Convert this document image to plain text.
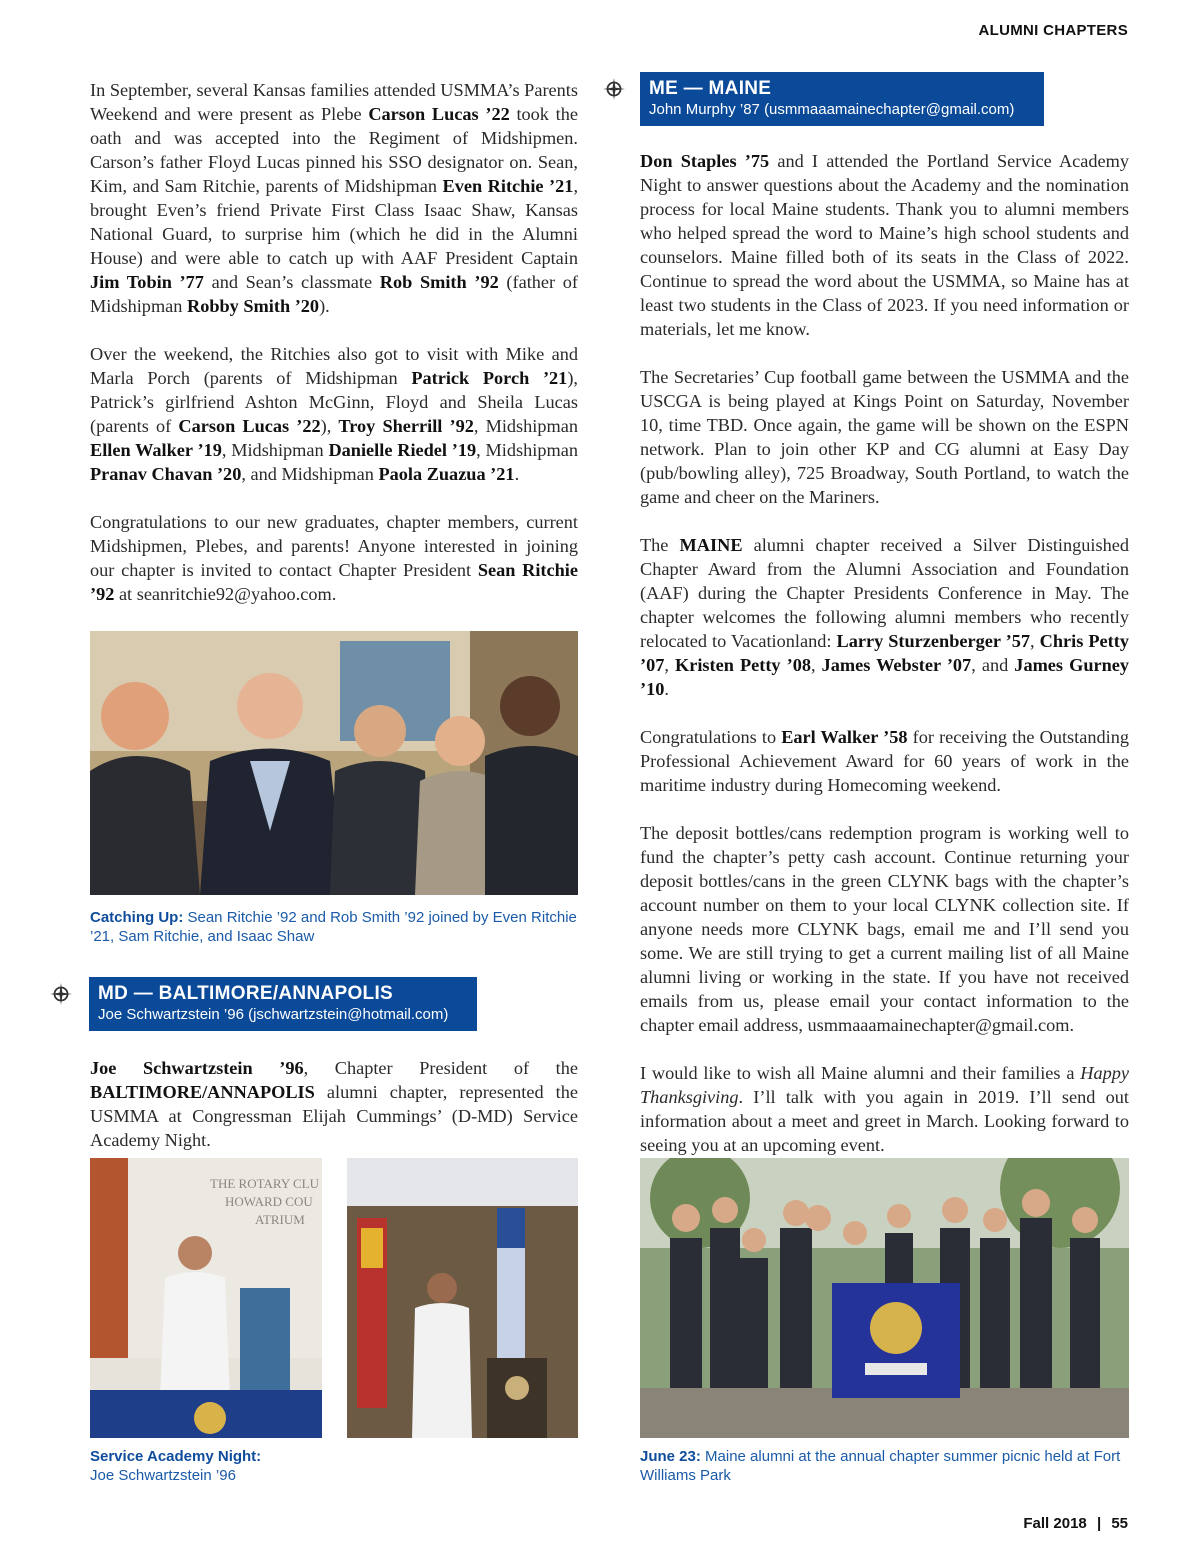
ALUMNI CHAPTERS

In September, several Kansas families attended USMMA’s Parents Weekend and were present as Plebe Carson Lucas ’22 took the oath and was accepted into the Regiment of Midshipmen. Carson’s father Floyd Lucas pinned his SSO designator on. Sean, Kim, and Sam Ritchie, parents of Midshipman Even Ritchie ’21, brought Even’s friend Private First Class Isaac Shaw, Kansas National Guard, to surprise him (which he did in the Alumni House) and were able to catch up with AAF President Captain Jim Tobin ’77 and Sean’s classmate Rob Smith ’92 (father of Midshipman Robby Smith ’20).

Over the weekend, the Ritchies also got to visit with Mike and Marla Porch (parents of Midshipman Patrick Porch ’21), Patrick’s girlfriend Ashton McGinn, Floyd and Sheila Lucas (parents of Carson Lucas ’22), Troy Sherrill ’92, Midshipman Ellen Walker ’19, Midshipman Danielle Riedel ’19, Midshipman Pranav Chavan ’20, and Midshipman Paola Zuazua ’21.

Congratulations to our new graduates, chapter members, current Midshipmen, Plebes, and parents! Anyone interested in joining our chapter is invited to contact Chapter President Sean Ritchie ’92 at seanritchie92@yahoo.com.

Catching Up: Sean Ritchie ’92 and Rob Smith ’92 joined by Even Ritchie ’21, Sam Ritchie, and Isaac Shaw
MD — BALTIMORE/ANNAPOLIS
Joe Schwartzstein ’96 (jschwartzstein@hotmail.com)

Joe Schwartzstein ’96, Chapter President of the BALTIMORE/ANNAPOLIS alumni chapter, represented the USMMA at Congressman Elijah Cummings’ (D-MD) Service Academy Night.

THE ROTARY CLU
HOWARD COU
ATRIUM
Service Academy Night:
Joe Schwartzstein ’96
ME — MAINE
John Murphy ’87 (usmmaaamainechapter@gmail.com)

Don Staples ’75 and I attended the Portland Service Academy Night to answer questions about the Academy and the nomination process for local Maine students. Thank you to alumni members who helped spread the word to Maine’s high school students and counselors. Maine filled both of its seats in the Class of 2022. Continue to spread the word about the USMMA, so Maine has at least two students in the Class of 2023. If you need information or materials, let me know.

The Secretaries’ Cup football game between the USMMA and the USCGA is being played at Kings Point on Saturday, November 10, time TBD. Once again, the game will be shown on the ESPN network. Plan to join other KP and CG alumni at Easy Day (pub/bowling alley), 725 Broadway, South Portland, to watch the game and cheer on the Mariners.

The MAINE alumni chapter received a Silver Distinguished Chapter Award from the Alumni Association and Foundation (AAF) during the Chapter Presidents Conference in May. The chapter welcomes the following alumni members who recently relocated to Vacationland: Larry Sturzenberger ’57, Chris Petty ’07, Kristen Petty ’08, James Webster ’07, and James Gurney ’10.

Congratulations to Earl Walker ’58 for receiving the Outstanding Professional Achievement Award for 60 years of work in the maritime industry during Homecoming weekend.

The deposit bottles/cans redemption program is working well to fund the chapter’s petty cash account. Continue returning your deposit bottles/cans in the green CLYNK bags with the chapter’s account number on them to your local CLYNK collection site. If anyone needs more CLYNK bags, email me and I’ll send you some. We are still trying to get a current mailing list of all Maine alumni living or working in the state. If you have not received emails from us, please email your contact information to the chapter email address, usmmaaamainechapter@gmail.com.

I would like to wish all Maine alumni and their families a Happy Thanksgiving. I’ll talk with you again in 2019. I’ll send out information about a meet and greet in March. Looking forward to seeing you at an upcoming event.

June 23: Maine alumni at the annual chapter summer picnic held at Fort Williams Park
Fall 2018 | 55
